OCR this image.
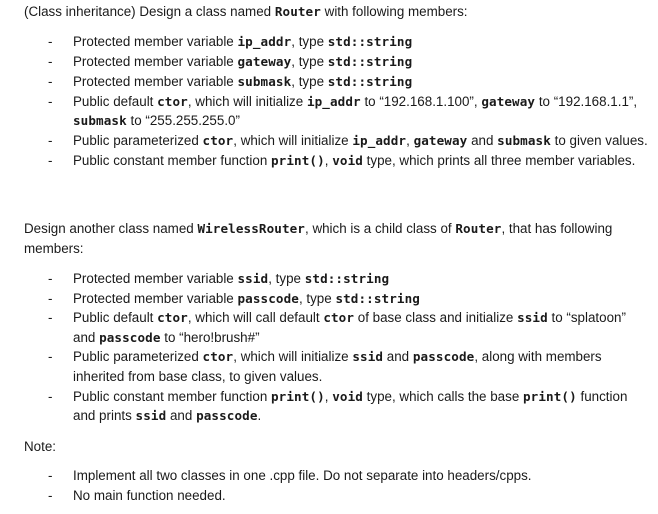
(Class inheritance) Design a class named Router with following members:

- Protected member variable ip_addr, type std::string
- Protected member variable gateway, type std::string
- Protected member variable submask, type std::string
- Public default ctor, which will initialize ip_addr to “192.168.1.100”, gateway to “192.168.1.1”, submask to “255.255.255.0”
- Public parameterized ctor, which will initialize ip_addr, gateway and submask to given values.
- Public constant member function print(), void type, which prints all three member variables.

Design another class named WirelessRouter, which is a child class of Router, that has following members:

- Protected member variable ssid, type std::string
- Protected member variable passcode, type std::string
- Public default ctor, which will call default ctor of base class and initialize ssid to “splatoon” and passcode to “hero!brush#”
- Public parameterized ctor, which will initialize ssid and passcode, along with members inherited from base class, to given values.
- Public constant member function print(), void type, which calls the base print() function and prints ssid and passcode.

Note:

- Implement all two classes in one .cpp file. Do not separate into headers/cpps.
- No main function needed.
